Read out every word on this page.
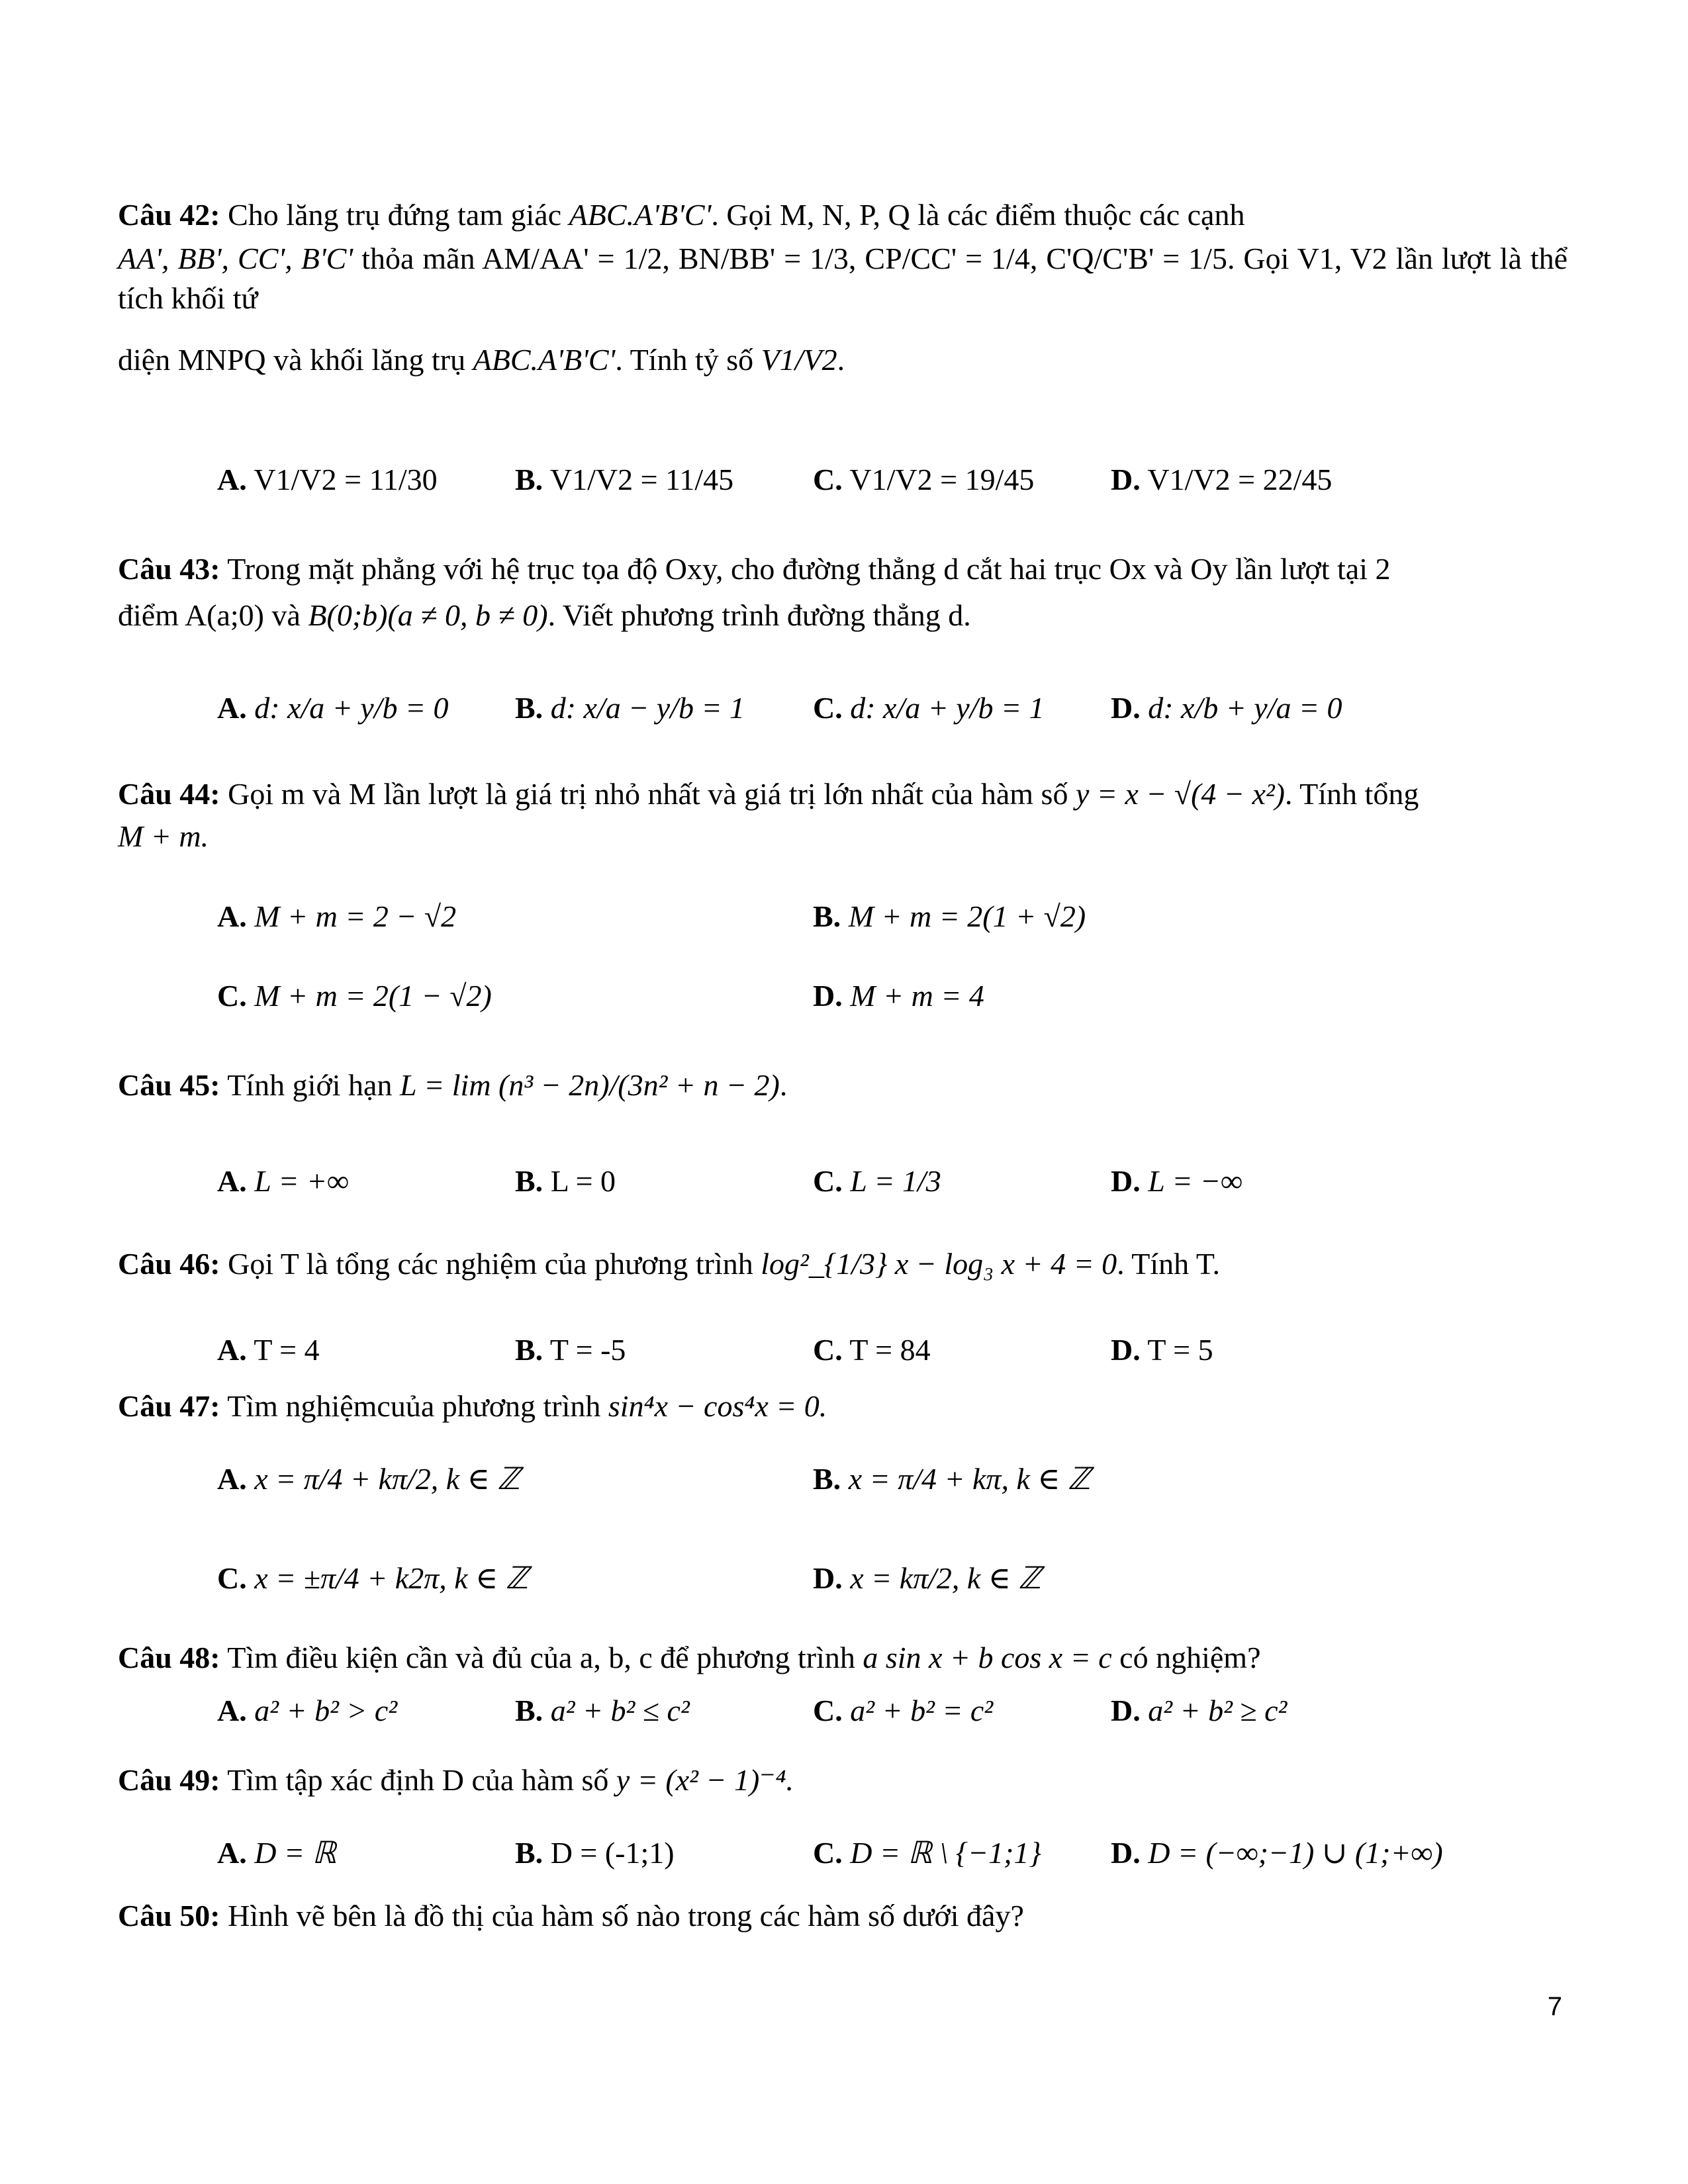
Câu 42: Cho lăng trụ đứng tam giác ABC.A'B'C'. Gọi M, N, P, Q là các điểm thuộc các cạnh
AA', BB', CC', B'C' thỏa mãn AM/AA' = 1/2, BN/BB' = 1/3, CP/CC' = 1/4, C'Q/C'B' = 1/5. Gọi V1, V2 lần lượt là thể tích khối tứ
diện MNPQ và khối lăng trụ ABC.A'B'C'. Tính tỷ số V1/V2.
A. V1/V2 = 11/30	B. V1/V2 = 11/45	C. V1/V2 = 19/45	D. V1/V2 = 22/45
Câu 43: Trong mặt phẳng với hệ trục tọa độ Oxy, cho đường thẳng d cắt hai trục Ox và Oy lần lượt tại 2
điểm A(a;0) và B(0;b)(a ≠ 0, b ≠ 0). Viết phương trình đường thẳng d.
A. d: x/a + y/b = 0 B. d: x/a − y/b = 1 C. d: x/a + y/b = 1 D. d: x/b + y/a = 0
Câu 44: Gọi m và M lần lượt là giá trị nhỏ nhất và giá trị lớn nhất của hàm số y = x − √(4 − x²). Tính tổng
M + m.
A. M + m = 2 − √2	B. M + m = 2(1 + √2)
C. M + m = 2(1 − √2)	D. M + m = 4
Câu 45: Tính giới hạn L = lim (n³ − 2n)/(3n² + n − 2).
A. L = +∞	B. L = 0	C. L = 1/3	D. L = −∞
Câu 46: Gọi T là tổng các nghiệm của phương trình log²_{1/3} x − log₃ x + 4 = 0. Tính T.
A. T = 4	B. T = -5	C. T = 84	D. T = 5
Câu 47: Tìm nghiệmcuủa phương trình sin⁴x − cos⁴x = 0.
A. x = π/4 + kπ/2, k ∈ ℤ	B. x = π/4 + kπ, k ∈ ℤ
C. x = ±π/4 + k2π, k ∈ ℤ	D. x = kπ/2, k ∈ ℤ
Câu 48: Tìm điều kiện cần và đủ của a, b, c để phương trình a sin x + b cos x = c có nghiệm?
A. a² + b² > c²	B. a² + b² ≤ c²	C. a² + b² = c²	D. a² + b² ≥ c²
Câu 49: Tìm tập xác định D của hàm số y = (x² − 1)⁻⁴.
A. D = ℝ	B. D = (-1;1)	C. D = ℝ \ {−1;1} D. D = (−∞;−1) ∪ (1;+∞)
Câu 50: Hình vẽ bên là đồ thị của hàm số nào trong các hàm số dưới đây?
7
